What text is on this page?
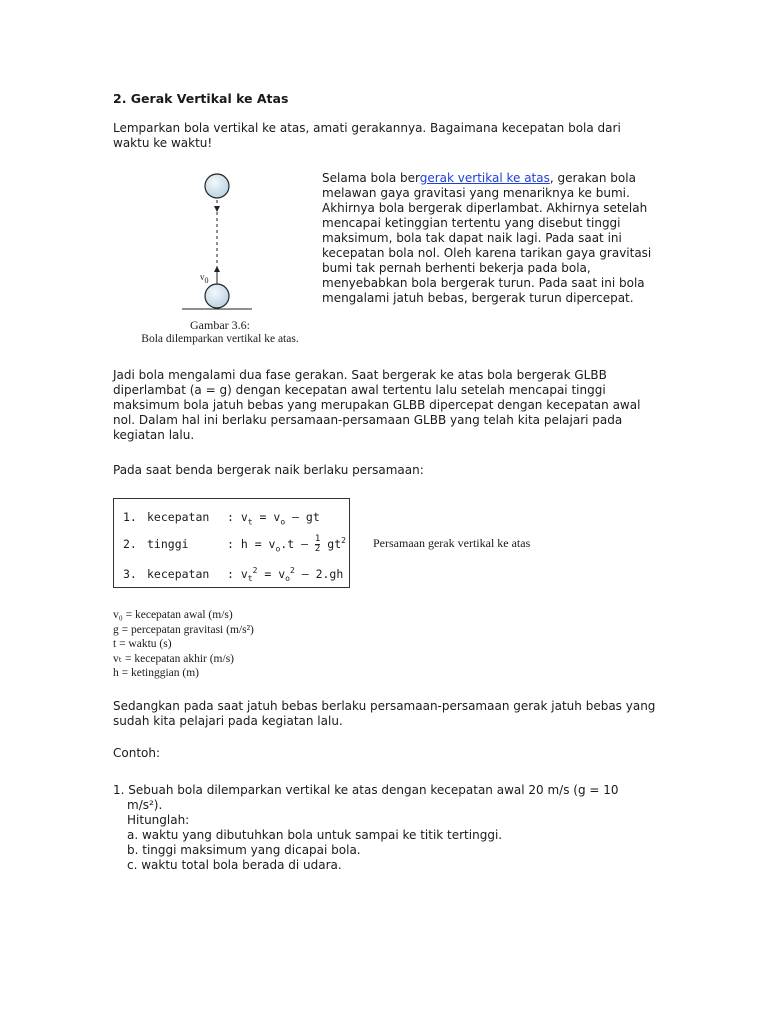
2. Gerak Vertikal ke Atas

Lemparkan bola vertikal ke atas, amati gerakannya. Bagaimana kecepatan bola dari waktu ke waktu!

$v_0$
Gambar 3.6:
Bola dilemparkan vertikal ke atas.

Selama bola bergerak vertikal ke atas, gerakan bola melawan gaya gravitasi yang menariknya ke bumi. Akhirnya bola bergerak diperlambat. Akhirnya setelah mencapai ketinggian tertentu yang disebut tinggi maksimum, bola tak dapat naik lagi. Pada saat ini kecepatan bola nol. Oleh karena tarikan gaya gravitasi bumi tak pernah berhenti bekerja pada bola, menyebabkan bola bergerak turun. Pada saat ini bola mengalami jatuh bebas, bergerak turun dipercepat.

Jadi bola mengalami dua fase gerakan. Saat bergerak ke atas bola bergerak GLBB diperlambat (a = g) dengan kecepatan awal tertentu lalu setelah mencapai tinggi maksimum bola jatuh bebas yang merupakan GLBB dipercepat dengan kecepatan awal nol. Dalam hal ini berlaku persamaan-persamaan GLBB yang telah kita pelajari pada kegiatan lalu.

Pada saat benda bergerak naik berlaku persamaan:

1. kecepatan : $v_t = v_o$ – gt
2. tinggi	: $h = v_o.t - 1$

2 $gt^2$
3. kecepatan : $v_t^2 = v_o^2 - 2.gh$
Persamaan gerak vertikal ke atas
v₀ = kecepatan awal (m/s)
g = percepatan gravitasi (m/s²)
t = waktu (s)
vₜ = kecepatan akhir (m/s)
h = ketinggian (m)

Sedangkan pada saat jatuh bebas berlaku persamaan-persamaan gerak jatuh bebas yang sudah kita pelajari pada kegiatan lalu.

Contoh:

1. Sebuah bola dilemparkan vertikal ke atas dengan kecepatan awal 20 m/s (g = 10
m/s²).
Hitunglah:
a. waktu yang dibutuhkan bola untuk sampai ke titik tertinggi.
b. tinggi maksimum yang dicapai bola.
c. waktu total bola berada di udara.
